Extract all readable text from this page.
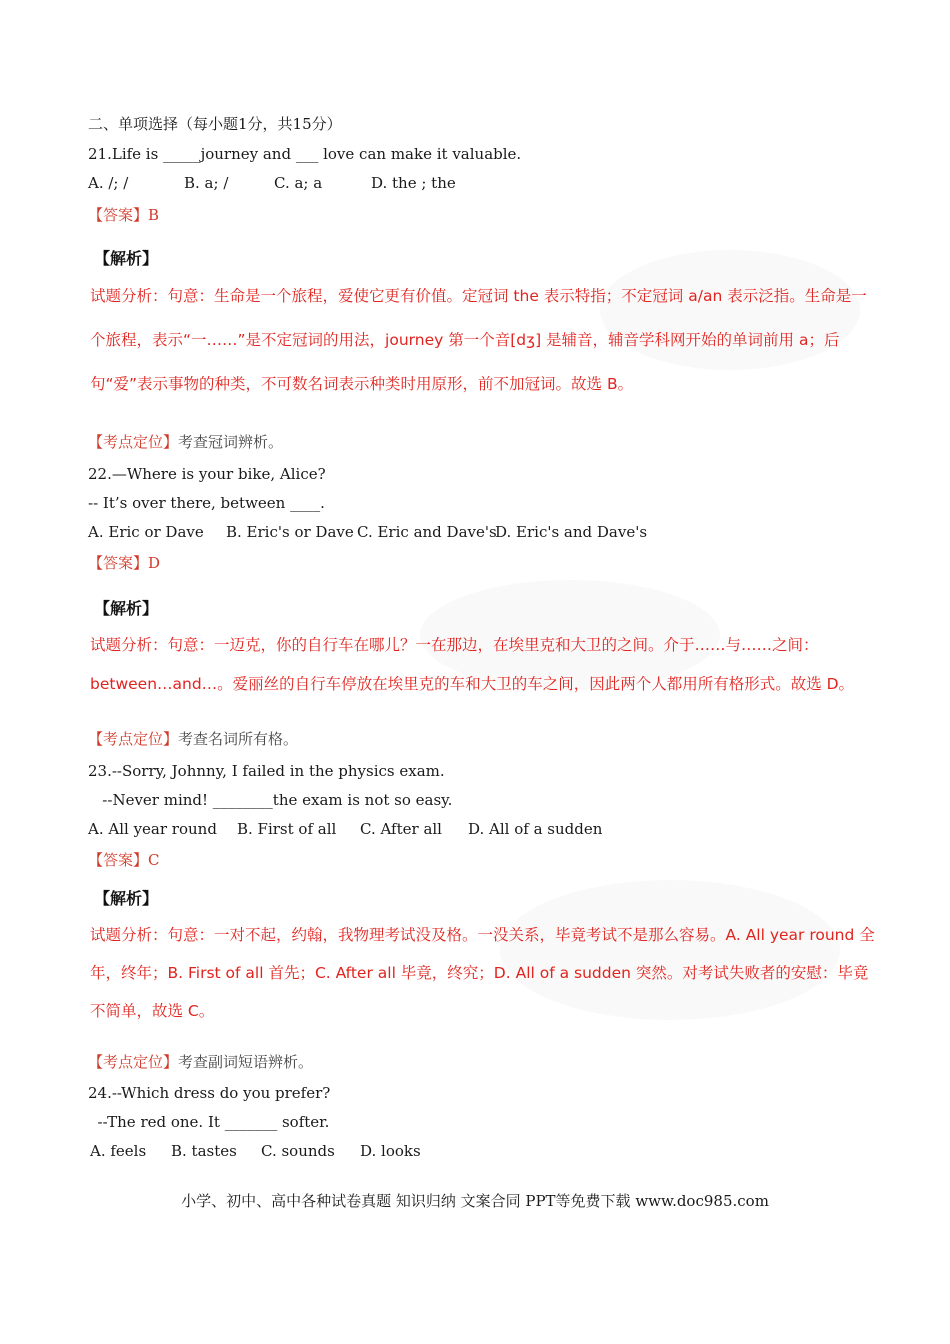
二、单项选择（每小题1分，共15分）
21.Life is _____journey and ___ love can make it valuable.
A. /; /	B. a; /	C. a; a	D. the ; the
【答案】B
【解析】
试题分析：句意：生命是一个旅程，爱使它更有价值。定冠词 the 表示特指；不定冠词 a/an 表示泛指。生命是一个旅程，表示“一……”是不定冠词的用法，journey 第一个音[dʒ] 是辅音，辅音学科网开始的单词前用 a；后句“爱”表示事物的种类，不可数名词表示种类时用原形，前不加冠词。故选 B。
【考点定位】考查冠词辨析。
22.—Where is your bike, Alice?
-- It’s over there, between ____.
A. Eric or Dave B. Eric's or Dave C. Eric and Dave's
D. Eric's and Dave's
【答案】D
【解析】
试题分析：句意：一迈克，你的自行车在哪儿？一在那边，在埃里克和大卫的之间。介于……与……之间：between…and…。爱丽丝的自行车停放在埃里克的车和大卫的车之间，因此两个人都用所有格形式。故选 D。
【考点定位】考查名词所有格。
23.--Sorry, Johnny, I failed in the physics exam.
--Never mind! ________the exam is not so easy.
A. All year round B. First of all C. After all D. All of a sudden
【答案】C
【解析】
试题分析：句意：一对不起，约翰，我物理考试没及格。一没关系，毕竟考试不是那么容易。A. All year round 全年，终年；B. First of all 首先；C. After all 毕竟，终究；D. All of a sudden 突然。对考试失败者的安慰：毕竟不简单，故选 C。
【考点定位】考查副词短语辨析。
24.--Which dress do you prefer?
--The red one. It _______ softer.
A. feels B. tastes C. sounds D. looks
小学、初中、高中各种试卷真题 知识归纳 文案合同 PPT等免费下载 www.doc985.com
